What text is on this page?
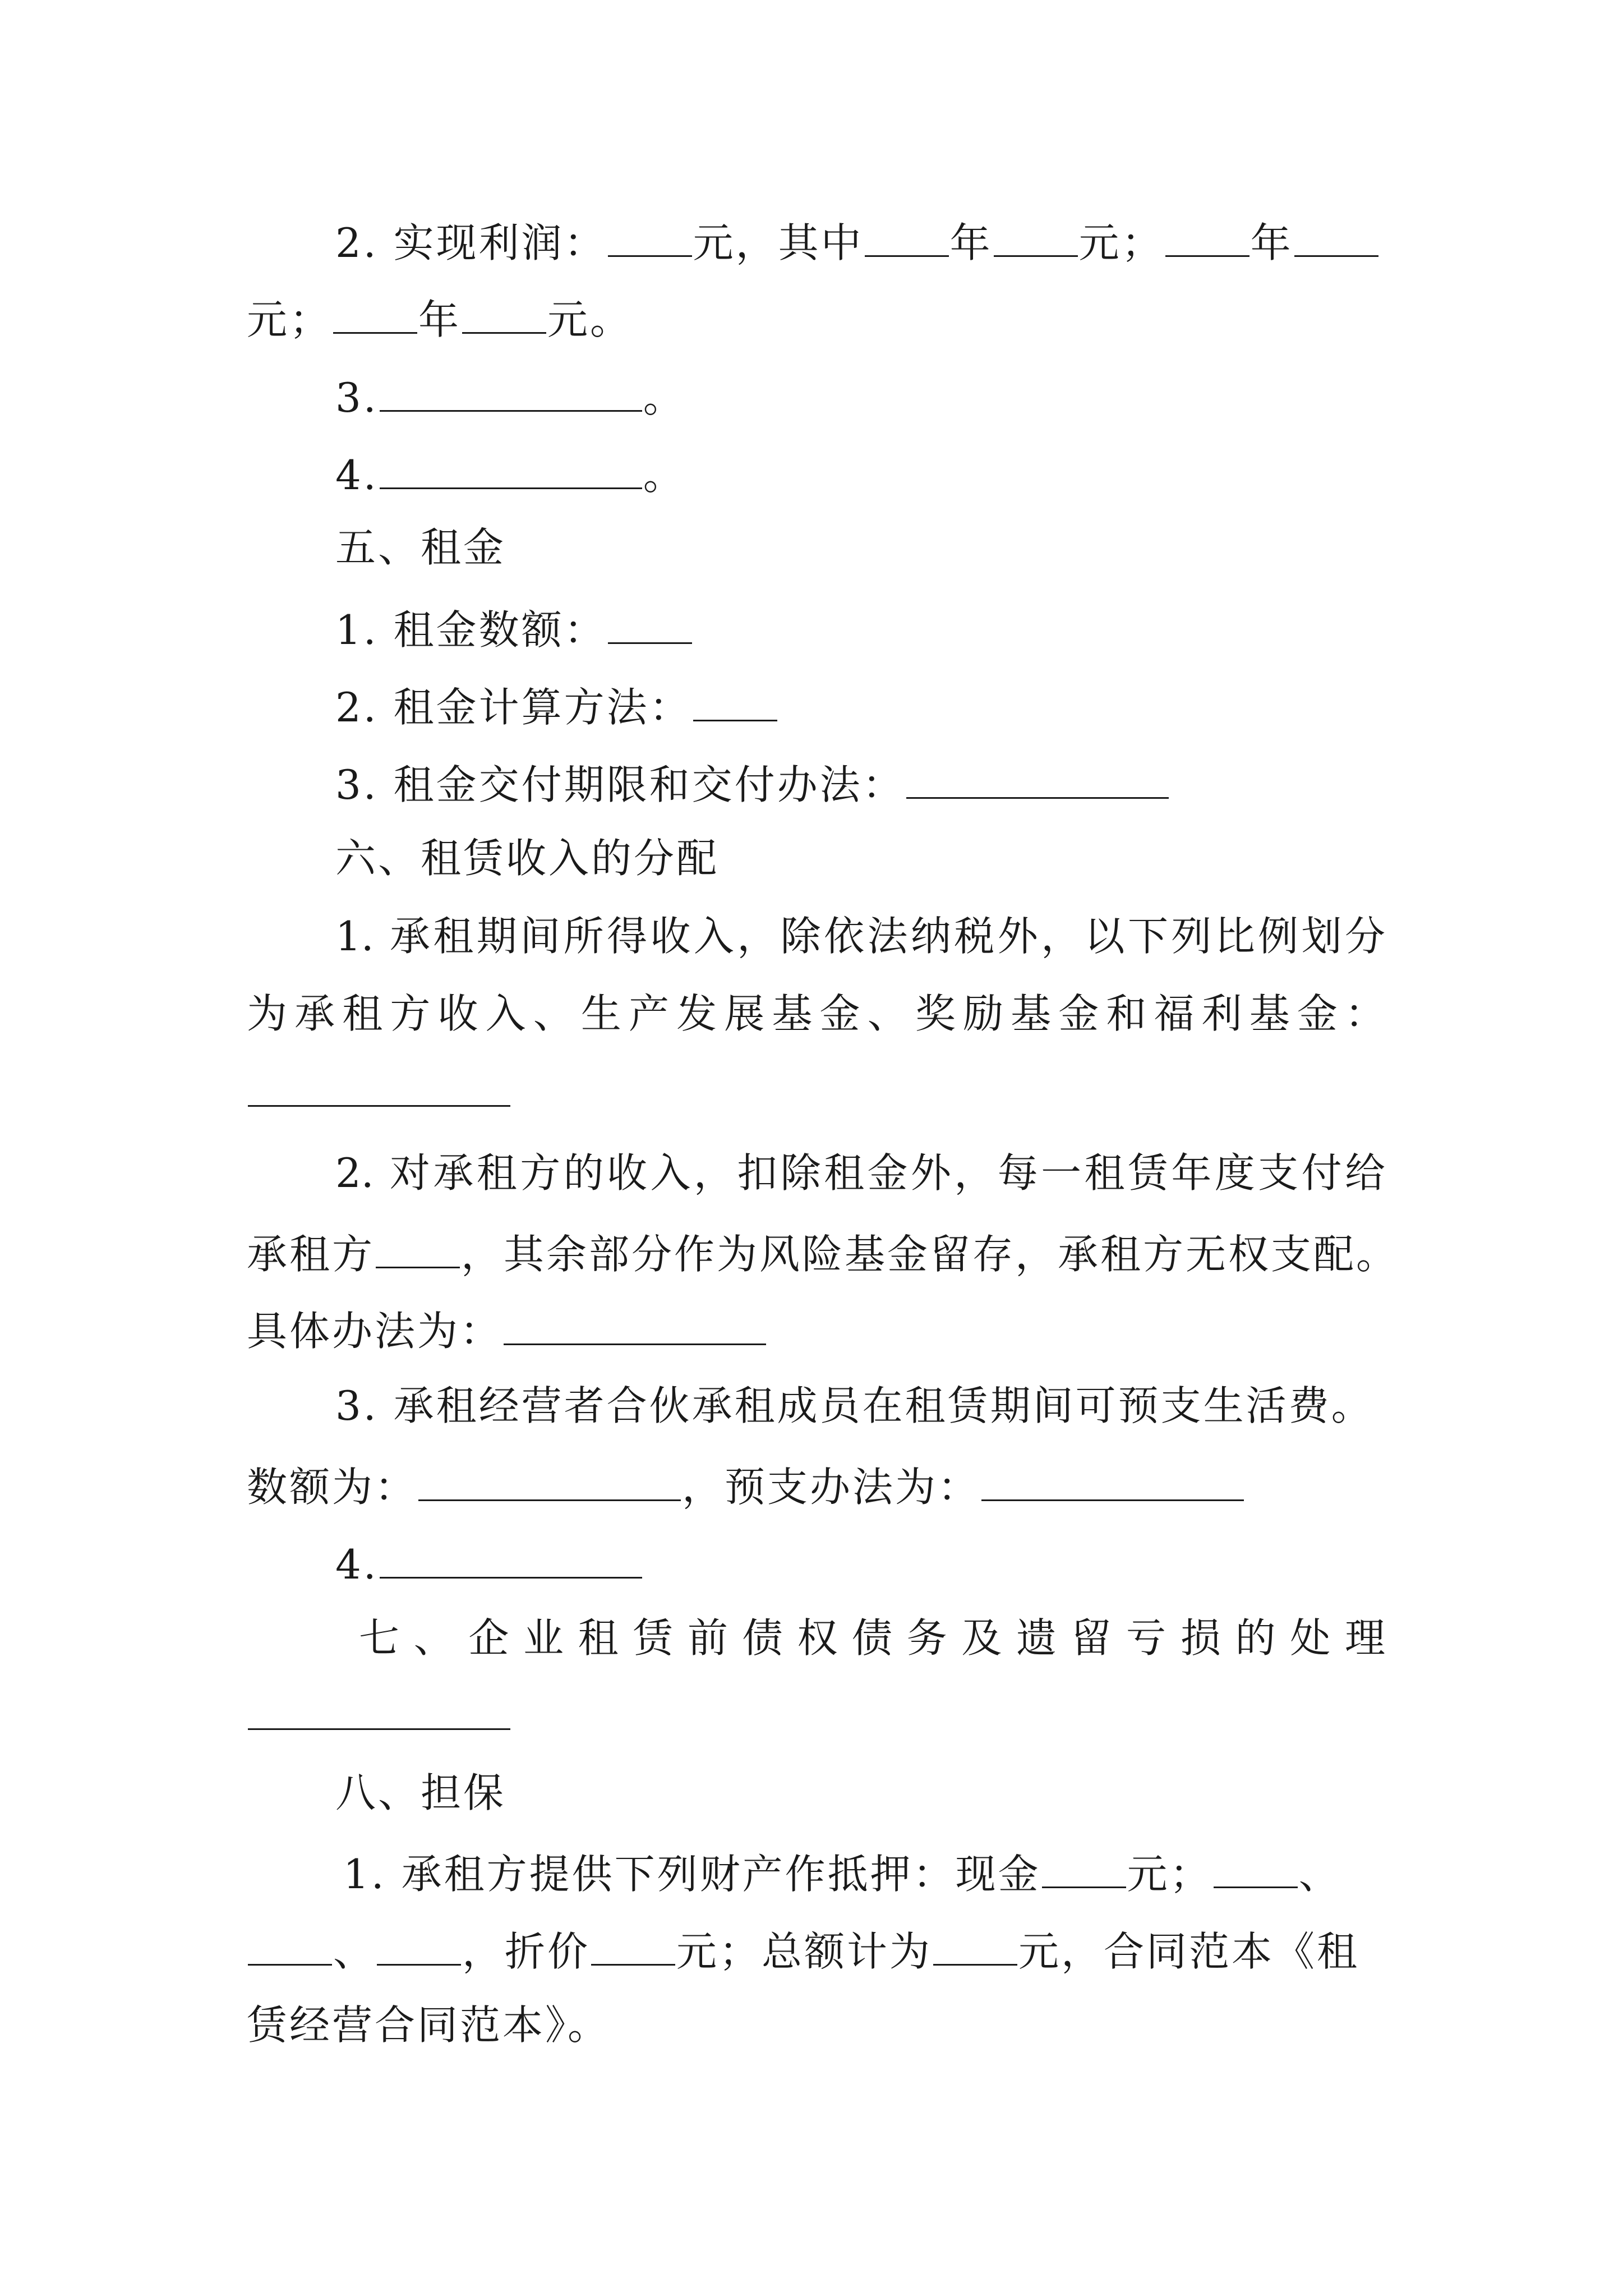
2. 实现利润： 元，其中 年 元； 年
元； 年 元。
3.	。
4.	。
五、租金
1. 租金数额：
2. 租金计算方法：
3. 租金交付期限和交付办法：
六、租赁收入的分配
1. 承租期间所得收入，除依法纳税外，以下列比例划分
为承租方收入、生产发展基金、奖励基金和福利基金：
2. 对承租方的收入，扣除租金外，每一租赁年度支付给
承租方 ，其余部分作为风险基金留存，承租方无权支配。
具体办法为：
3. 承租经营者合伙承租成员在租赁期间可预支生活费。
数额为：	，预支办法为：
4.
七、企业租赁前债权债务及遗留亏损的处理
八、担保
1. 承租方提供下列财产作抵押：现金 元； 、
、 ，折价 元；总额计为 元，合同范本《租
赁经营合同范本》。
